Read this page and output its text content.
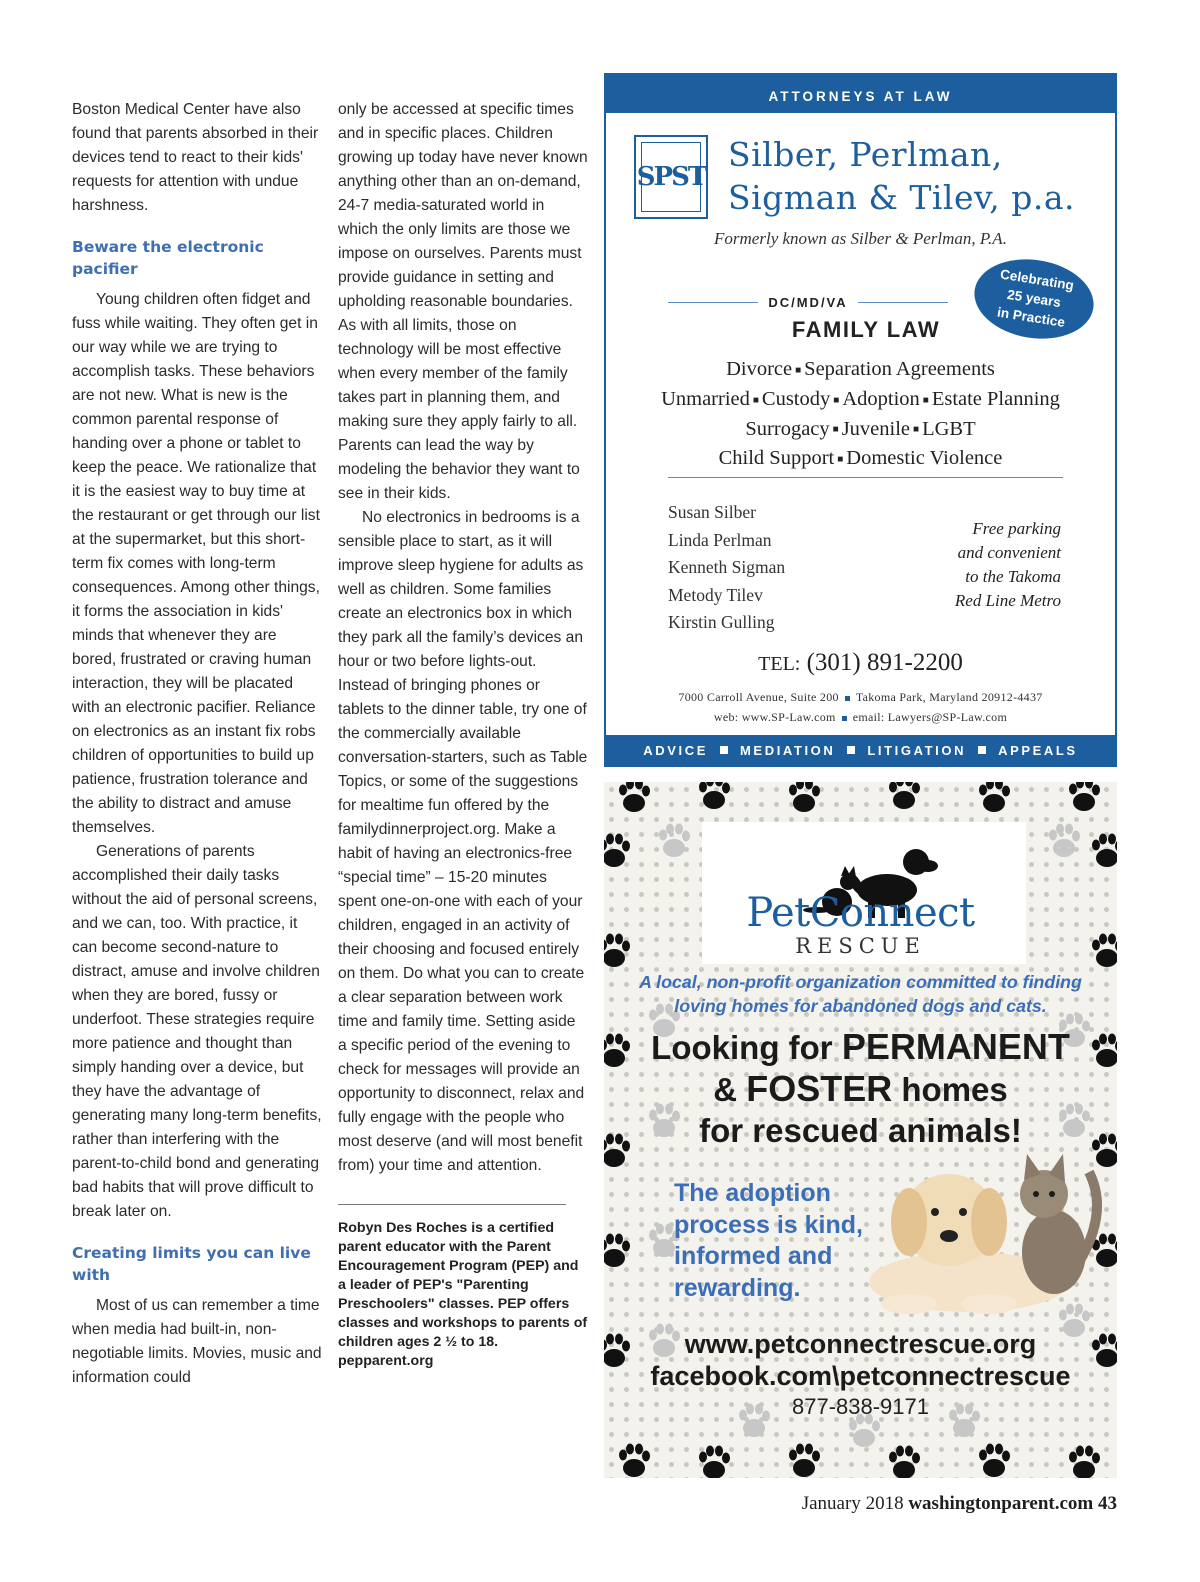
Boston Medical Center have also found that parents absorbed in their devices tend to react to their kids' requests for attention with undue harshness.

Beware the electronic pacifier

Young children often fidget and fuss while waiting. They often get in our way while we are trying to accomplish tasks. These behaviors are not new. What is new is the common parental response of handing over a phone or tablet to keep the peace. We rationalize that it is the easiest way to buy time at the restaurant or get through our list at the supermarket, but this short-term fix comes with long-term consequences. Among other things, it forms the association in kids' minds that whenever they are bored, frustrated or craving human interaction, they will be placated with an electronic pacifier. Reliance on electronics as an instant fix robs children of opportunities to build up patience, frustration tolerance and the ability to distract and amuse themselves.

Generations of parents accomplished their daily tasks without the aid of personal screens, and we can, too. With practice, it can become second-nature to distract, amuse and involve children when they are bored, fussy or underfoot. These strategies require more patience and thought than simply handing over a device, but they have the advantage of generating many long-term benefits, rather than interfering with the parent-to-child bond and generating bad habits that will prove difficult to break later on.

Creating limits you can live with

Most of us can remember a time when media had built-in, non-negotiable limits. Movies, music and information could

only be accessed at specific times and in specific places. Children growing up today have never known anything other than an on-demand, 24-7 media-saturated world in which the only limits are those we impose on ourselves. Parents must provide guidance in setting and upholding reasonable boundaries. As with all limits, those on technology will be most effective when every member of the family takes part in planning them, and making sure they apply fairly to all. Parents can lead the way by modeling the behavior they want to see in their kids.

No electronics in bedrooms is a sensible place to start, as it will improve sleep hygiene for adults as well as children. Some families create an electronics box in which they park all the family’s devices an hour or two before lights-out. Instead of bringing phones or tablets to the dinner table, try one of the commercially available conversation-starters, such as Table Topics, or some of the suggestions for mealtime fun offered by the familydinnerproject.org. Make a habit of having an electronics-free “special time” – 15-20 minutes spent one-on-one with each of your children, engaged in an activity of their choosing and focused entirely on them. Do what you can to create a clear separation between work time and family time. Setting aside a specific period of the evening to check for messages will provide an opportunity to disconnect, relax and fully engage with the people who most deserve (and will most benefit from) your time and attention.

Robyn Des Roches is a certified parent educator with the Parent Encouragement Program (PEP) and a leader of PEP's "Parenting Preschoolers" classes. PEP offers classes and workshops to parents of children ages 2 ½ to 18. pepparent.org

ATTORNEYS AT LAW
SPST
Silber, Perlman,
Sigman & Tilev, p.a.
Formerly known as Silber & Perlman, P.A.
DC/MD/VA
Celebrating
25 years
in Practice
FAMILY LAW
Divorce ■ Separation Agreements
Unmarried ■ Custody ■ Adoption ■ Estate Planning
Surrogacy ■ Juvenile ■ LGBT
Child Support ■ Domestic Violence
Susan Silber
Linda Perlman
Kenneth Sigman
Metody Tilev
Kirstin Gulling
Free parking
and convenient
to the Takoma
Red Line Metro
TEL: (301) 891-2200
7000 Carroll Avenue, Suite 200 Takoma Park, Maryland 20912-4437
web: www.SP-Law.com email: Lawyers@SP-Law.com
ADVICE MEDIATION LITIGATION APPEALS
PetConnect
RESCUE
A local, non-profit organization committed to finding
loving homes for abandoned dogs and cats.
Looking for PERMANENT
& FOSTER homes
for rescued animals!
The adoption
process is kind,
informed and
rewarding.
www.petconnectrescue.org
facebook.com\petconnectrescue
877-838-9171
January 2018 washingtonparent.com 43
